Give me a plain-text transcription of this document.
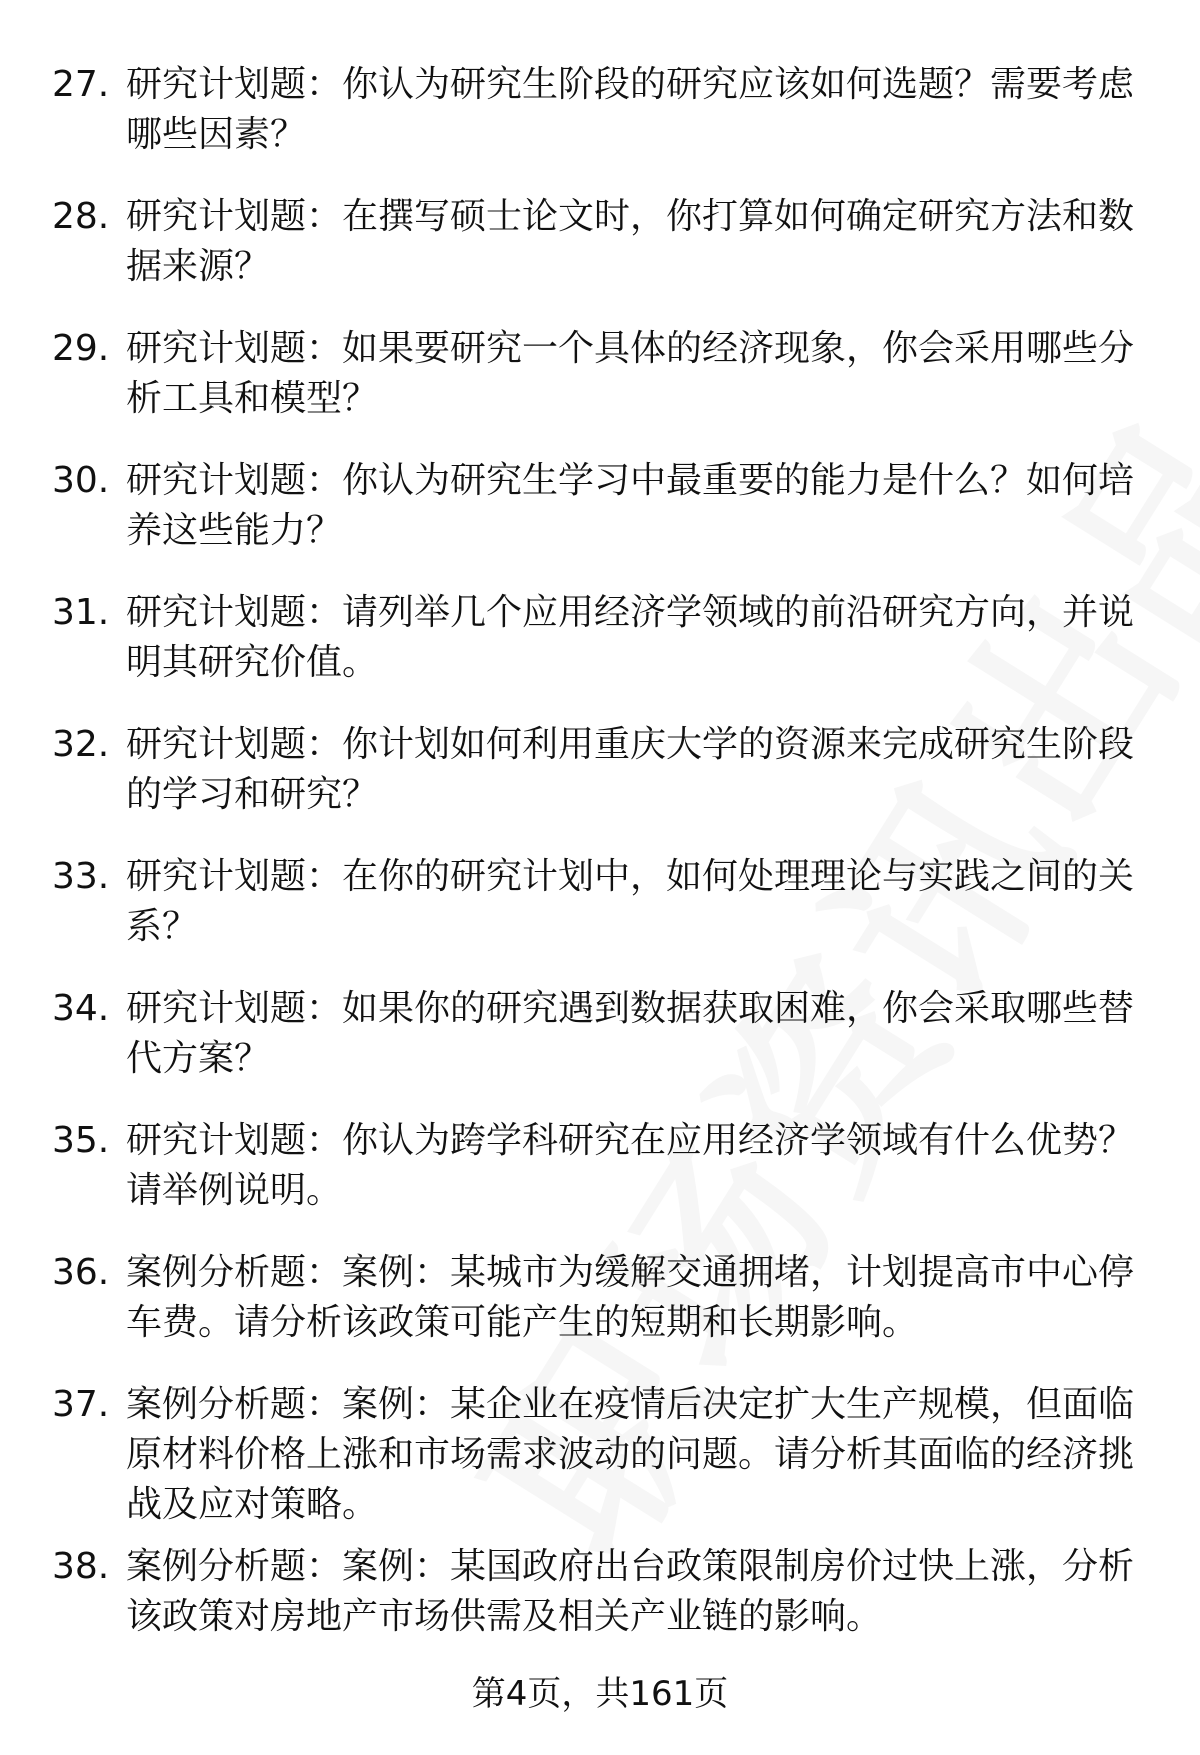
27. 研究计划题：你认为研究生阶段的研究应该如何选题？需要考虑
哪些因素？
28. 研究计划题：在撰写硕士论文时，你打算如何确定研究方法和数
据来源？
29. 研究计划题：如果要研究一个具体的经济现象，你会采用哪些分
析工具和模型？
30. 研究计划题：你认为研究生学习中最重要的能力是什么？如何培
养这些能力？
31. 研究计划题：请列举几个应用经济学领域的前沿研究方向，并说
明其研究价值。
32. 研究计划题：你计划如何利用重庆大学的资源来完成研究生阶段
的学习和研究？
33. 研究计划题：在你的研究计划中，如何处理理论与实践之间的关
系？
34. 研究计划题：如果你的研究遇到数据获取困难，你会采取哪些替
代方案？
35. 研究计划题：你认为跨学科研究在应用经济学领域有什么优势？
请举例说明。
36. 案例分析题：案例：某城市为缓解交通拥堵，计划提高市中心停
车费。请分析该政策可能产生的短期和长期影响。
37. 案例分析题：案例：某企业在疫情后决定扩大生产规模，但面临
原材料价格上涨和市场需求波动的问题。请分析其面临的经济挑
战及应对策略。
38. 案例分析题：案例：某国政府出台政策限制房价过快上涨，分析
该政策对房地产市场供需及相关产业链的影响。
第4页，共161页
